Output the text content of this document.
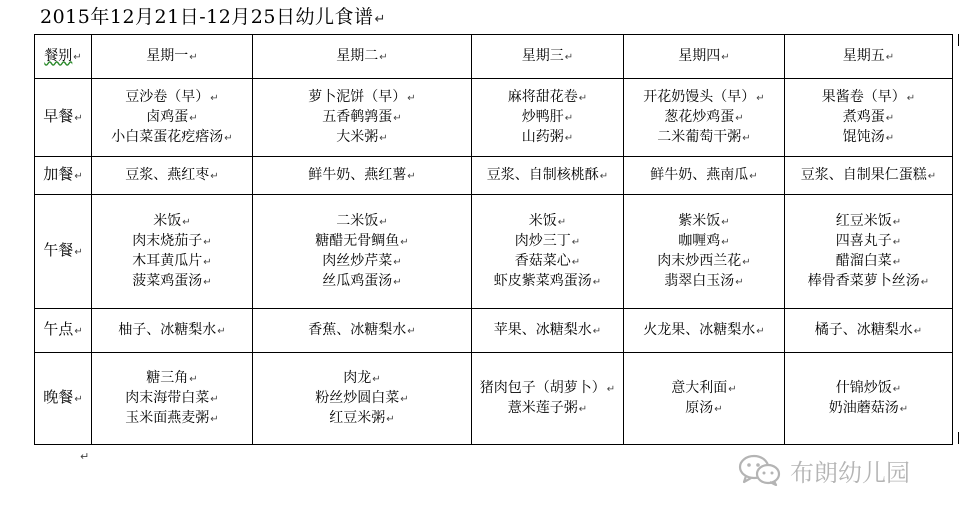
2015年12月21日-12月25日幼儿食谱↵
餐别↵	星期一↵	星期二↵	星期三↵	星期四↵	星期五↵
早餐↵	豆沙卷（早）↵
卤鸡蛋↵
小白菜蛋花疙瘩汤↵	萝卜泥饼（早）↵
五香鹌鹑蛋↵
大米粥↵	麻将甜花卷↵
炒鸭肝↵
山药粥↵	开花奶馒头（早）↵
葱花炒鸡蛋↵
二米葡萄干粥↵	果酱卷（早）↵
煮鸡蛋↵
馄饨汤↵

加餐↵	豆浆、燕红枣↵	鲜牛奶、燕红薯↵	豆浆、自制核桃酥↵	鲜牛奶、燕南瓜↵	豆浆、自制果仁蛋糕↵

午餐↵	米饭↵
肉末烧茄子↵
木耳黄瓜片↵
菠菜鸡蛋汤↵	二米饭↵
糖醋无骨鲷鱼↵
肉丝炒芹菜↵
丝瓜鸡蛋汤↵	米饭↵
肉炒三丁↵
香菇菜心↵
虾皮紫菜鸡蛋汤↵	紫米饭↵
咖喱鸡↵
肉末炒西兰花↵
翡翠白玉汤↵	红豆米饭↵
四喜丸子↵
醋溜白菜↵
棒骨香菜萝卜丝汤↵

午点↵	柚子、冰糖梨水↵	香蕉、冰糖梨水↵	苹果、冰糖梨水↵	火龙果、冰糖梨水↵	橘子、冰糖梨水↵

晚餐↵	糖三角↵
肉末海带白菜↵
玉米面燕麦粥↵	肉龙↵
粉丝炒圆白菜↵
红豆米粥↵	猪肉包子（胡萝卜）↵
薏米莲子粥↵	意大利面↵
原汤↵	什锦炒饭↵
奶油蘑菇汤↵
↵
布朗幼儿园
